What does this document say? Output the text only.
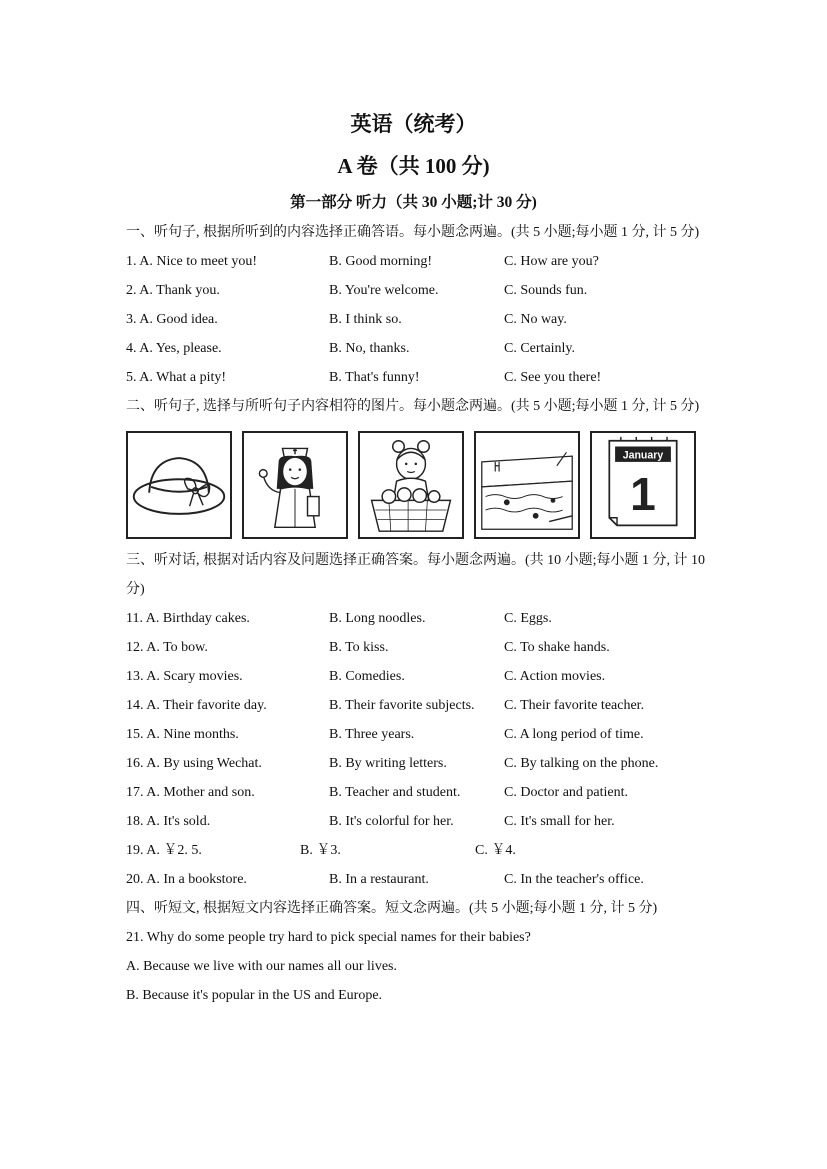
英语（统考）
A 卷（共 100 分)
第一部分 听力（共 30 小题;计 30 分)
一、听句子, 根据所听到的内容选择正确答语。每小题念两遍。(共 5 小题;每小题 1 分, 计 5 分)
1. A. Nice to meet you!	B. Good morning!	C. How are you?
2. A. Thank you.	B. You're welcome.	C. Sounds fun.
3. A. Good idea.	B. I think so.	C. No way.
4. A. Yes, please.	B. No, thanks.	C. Certainly.
5. A. What a pity!	B. That's funny!	C. See you there!
二、听句子, 选择与所听句子内容相符的图片。每小题念两遍。(共 5 小题;每小题 1 分, 计 5 分)
January
1
三、听对话, 根据对话内容及问题选择正确答案。每小题念两遍。(共 10 小题;每小题 1 分, 计 10 分)
11. A. Birthday cakes.	B. Long noodles.	C. Eggs.
12. A. To bow.	B. To kiss.	C. To shake hands.
13. A. Scary movies.	B. Comedies.	C. Action movies.
14. A. Their favorite day.	B. Their favorite subjects. C. Their favorite teacher.
15. A. Nine months.	B. Three years.	C. A long period of time.
16. A. By using Wechat.	B. By writing letters.	C. By talking on the phone.
17. A. Mother and son.	B. Teacher and student.	C. Doctor and patient.
18. A. It's sold.	B. It's colorful for her.	C. It's small for her.
19. A. ￥2. 5.	B. ￥3.	C. ￥4.
20. A. In a bookstore.	B. In a restaurant.	C. In the teacher's office.
四、听短文, 根据短文内容选择正确答案。短文念两遍。(共 5 小题;每小题 1 分, 计 5 分)
21. Why do some people try hard to pick special names for their babies?
A. Because we live with our names all our lives.
B. Because it's popular in the US and Europe.
